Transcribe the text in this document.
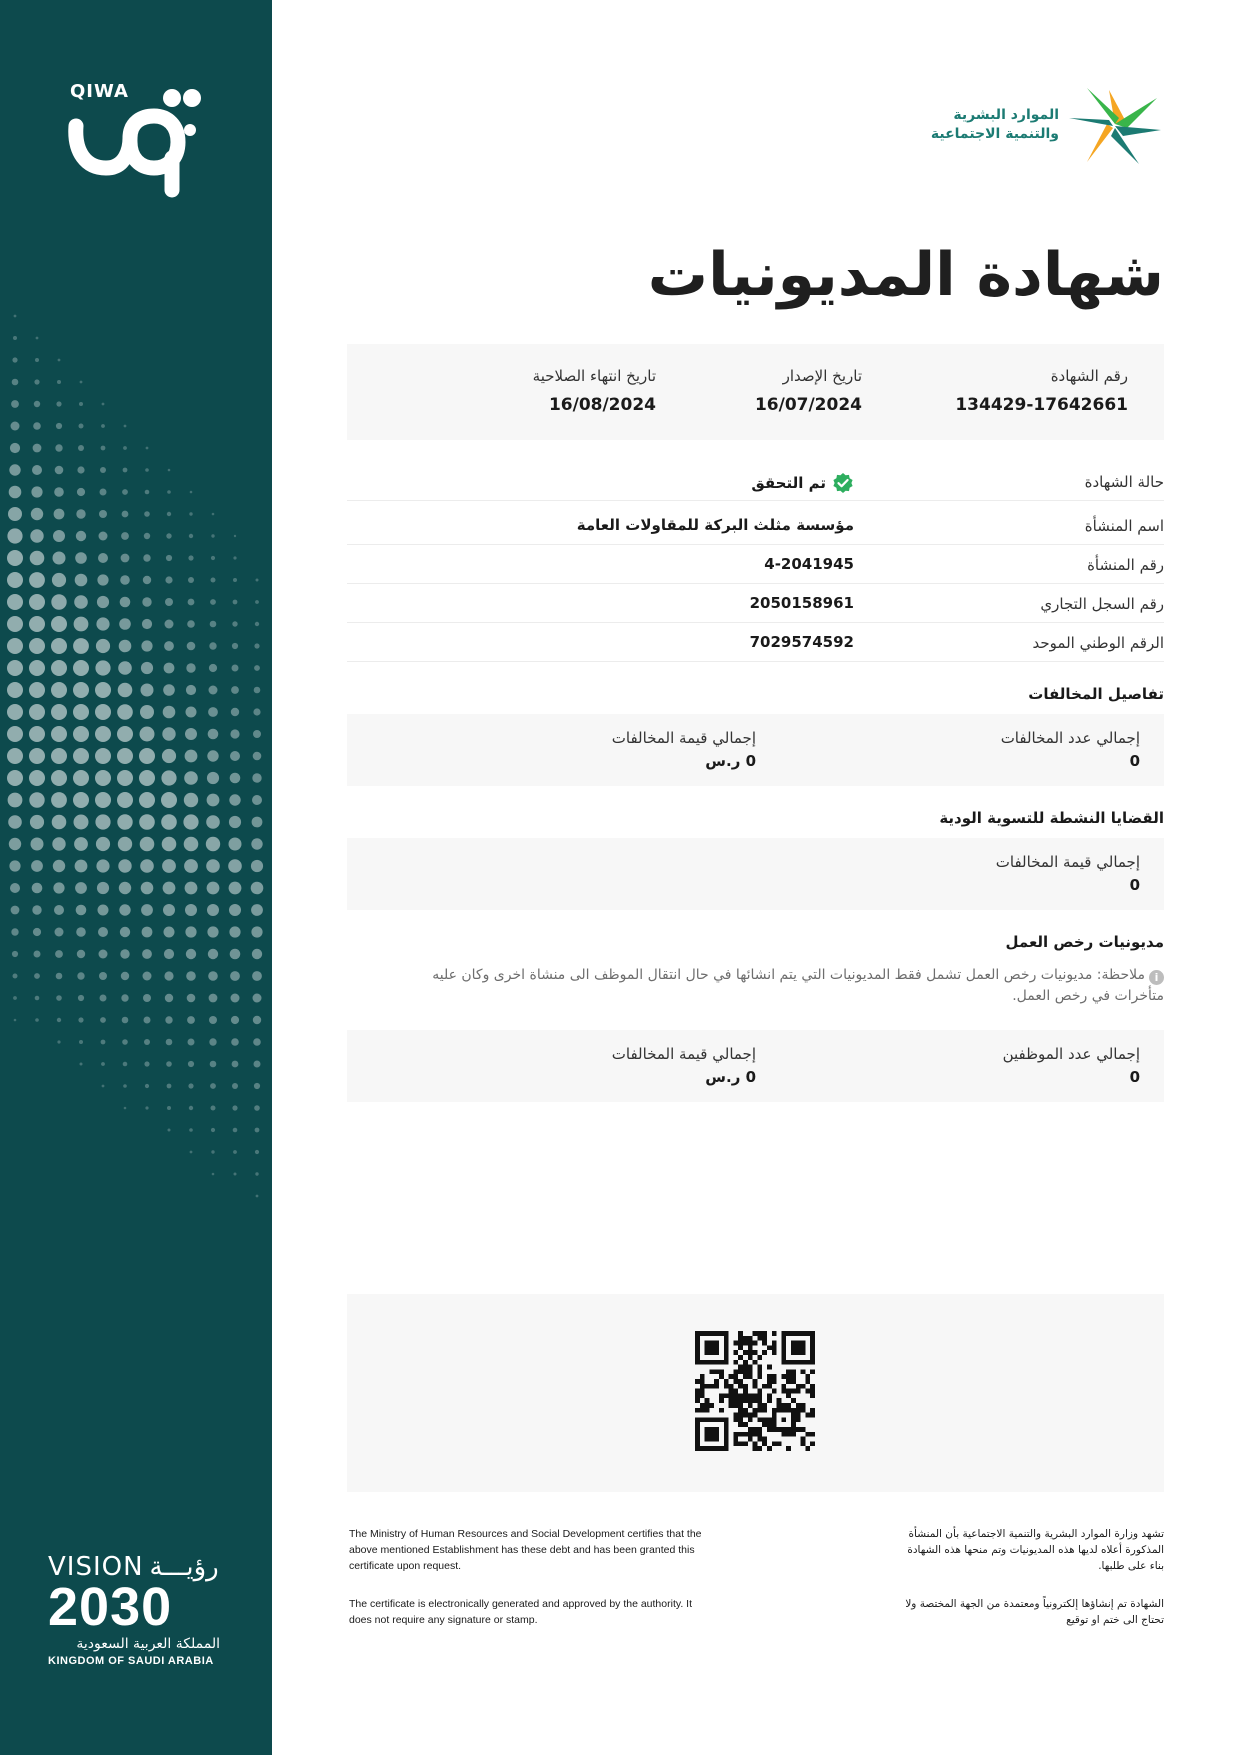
QIWA
VISION رؤيـــة
2030
المملكة العربية السعودية
KINGDOM OF SAUDI ARABIA
الموارد البشرية
والتنمية الاجتماعية
شهادة المديونيات
رقم الشهادة
134429-17642661
تاريخ الإصدار
16/07/2024
تاريخ انتهاء الصلاحية
16/08/2024
حالة الشهادة
تم التحقق
اسم المنشأة
مؤسسة مثلث البركة للمقاولات العامة
رقم المنشأة
4-2041945
رقم السجل التجاري
2050158961
الرقم الوطني الموحد
7029574592
تفاصيل المخالفات
إجمالي عدد المخالفات
0
إجمالي قيمة المخالفات
0 ر.س
القضايا النشطة للتسوية الودية
إجمالي قيمة المخالفات
0
مديونيات رخص العمل
iملاحظة: مديونيات رخص العمل تشمل فقط المديونيات التي يتم انشائها في حال انتقال الموظف الى منشاة اخرى وكان عليه متأخرات في رخص العمل.
إجمالي عدد الموظفين
0
إجمالي قيمة المخالفات
0 ر.س
The Ministry of Human Resources and Social Development certifies that the above mentioned Establishment has these debt and has been granted this certificate upon request.
The certificate is electronically generated and approved by the authority. It does not require any signature or stamp.
تشهد وزارة الموارد البشرية والتنمية الاجتماعية بأن المنشأة المذكورة أعلاه لديها هذه المديونيات وتم منحها هذه الشهادة بناء على طلبها.
الشهادة تم إنشاؤها إلكترونياً ومعتمدة من الجهة المختصة ولا تحتاج الى ختم او توقيع
